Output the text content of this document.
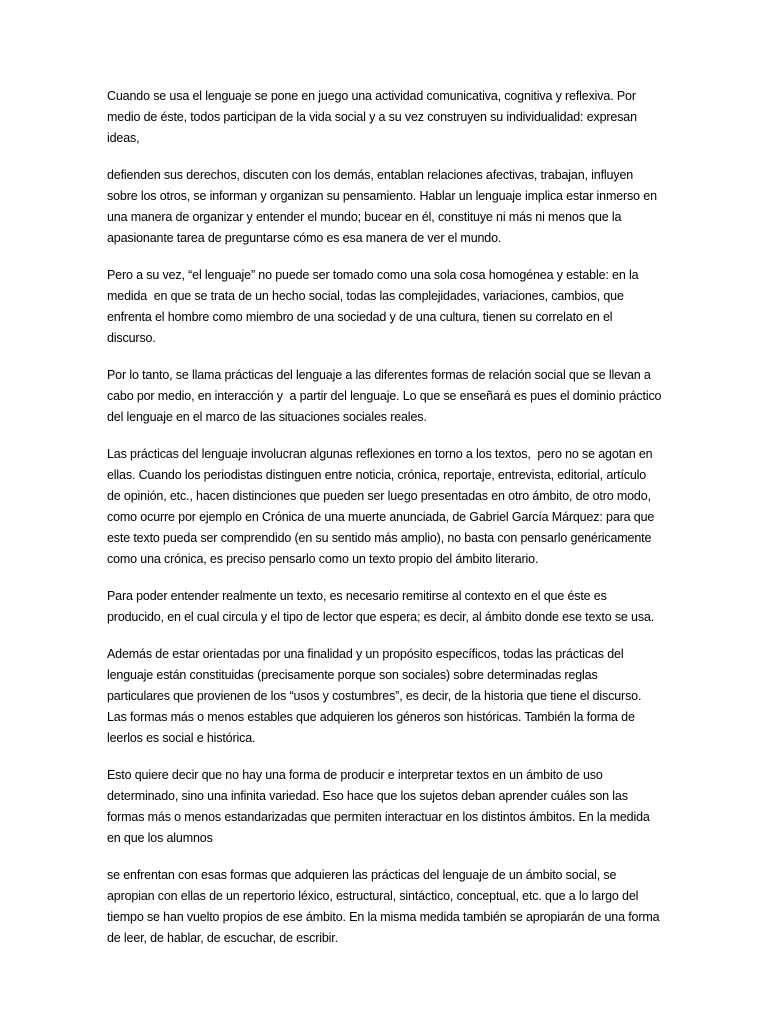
Cuando se usa el lenguaje se pone en juego una actividad comunicativa, cognitiva y reflexiva. Por medio de éste, todos participan de la vida social y a su vez construyen su individualidad: expresan ideas,

defienden sus derechos, discuten con los demás, entablan relaciones afectivas, trabajan, influyen sobre los otros, se informan y organizan su pensamiento. Hablar un lenguaje implica estar inmerso en una manera de organizar y entender el mundo; bucear en él, constituye ni más ni menos que la apasionante tarea de preguntarse cómo es esa manera de ver el mundo.

Pero a su vez, “el lenguaje” no puede ser tomado como una sola cosa homogénea y estable: en la medida  en que se trata de un hecho social, todas las complejidades, variaciones, cambios, que enfrenta el hombre como miembro de una sociedad y de una cultura, tienen su correlato en el discurso.

Por lo tanto, se llama prácticas del lenguaje a las diferentes formas de relación social que se llevan a cabo por medio, en interacción y  a partir del lenguaje. Lo que se enseñará es pues el dominio práctico del lenguaje en el marco de las situaciones sociales reales.

Las prácticas del lenguaje involucran algunas reflexiones en torno a los textos,  pero no se agotan en ellas. Cuando los periodistas distinguen entre noticia, crónica, reportaje, entrevista, editorial, artículo de opinión, etc., hacen distinciones que pueden ser luego presentadas en otro ámbito, de otro modo, como ocurre por ejemplo en Crónica de una muerte anunciada, de Gabriel García Márquez: para que este texto pueda ser comprendido (en su sentido más amplio), no basta con pensarlo genéricamente como una crónica, es preciso pensarlo como un texto propio del ámbito literario.

Para poder entender realmente un texto, es necesario remitirse al contexto en el que éste es producido, en el cual circula y el tipo de lector que espera; es decir, al ámbito donde ese texto se usa.

Además de estar orientadas por una finalidad y un propósito específicos, todas las prácticas del lenguaje están constituidas (precisamente porque son sociales) sobre determinadas reglas particulares que provienen de los “usos y costumbres”, es decir, de la historia que tiene el discurso. Las formas más o menos estables que adquieren los géneros son históricas. También la forma de leerlos es social e histórica.

Esto quiere decir que no hay una forma de producir e interpretar textos en un ámbito de uso determinado, sino una infinita variedad. Eso hace que los sujetos deban aprender cuáles son las formas más o menos estandarizadas que permiten interactuar en los distintos ámbitos. En la medida en que los alumnos

se enfrentan con esas formas que adquieren las prácticas del lenguaje de un ámbito social, se apropian con ellas de un repertorio léxico, estructural, sintáctico, conceptual, etc. que a lo largo del tiempo se han vuelto propios de ese ámbito. En la misma medida también se apropiarán de una forma de leer, de hablar, de escuchar, de escribir.
